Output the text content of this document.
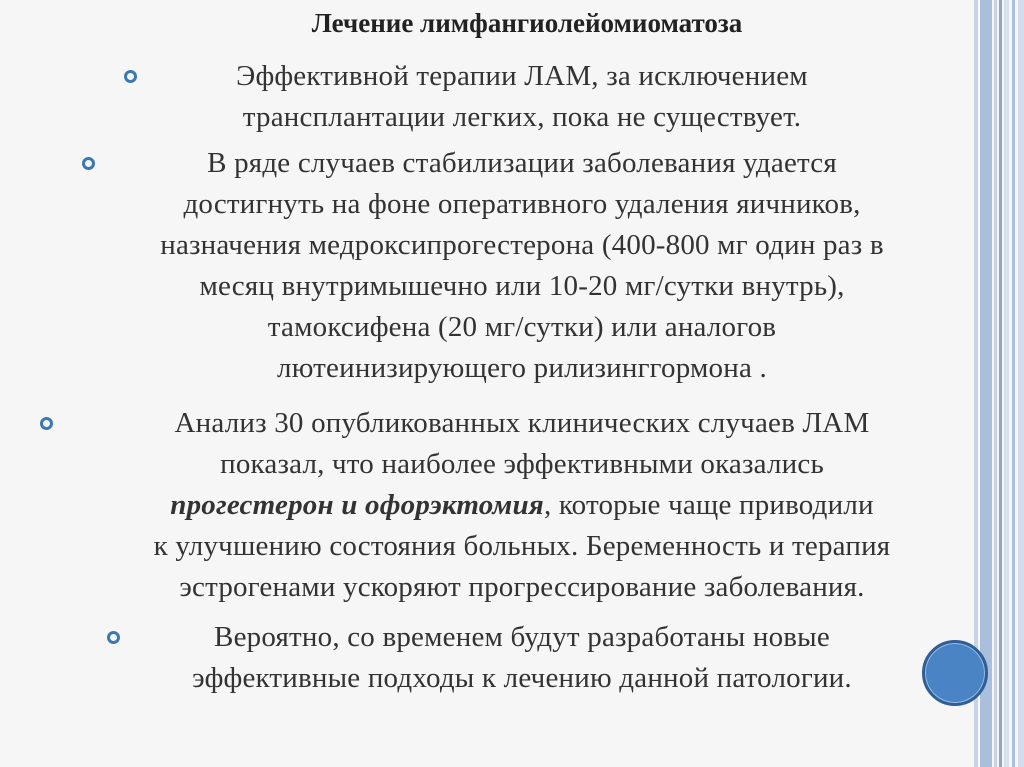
Лечение лимфангиолейомиоматоза
Эффективной терапии ЛАМ, за исключением
трансплантации легких, пока не существует.
В ряде случаев стабилизации заболевания удается
достигнуть на фоне оперативного удаления яичников,
назначения медроксипрогестерона (400-800 мг один раз в
месяц внутримышечно или 10-20 мг/сутки внутрь),
тамоксифена (20 мг/сутки) или аналогов
лютеинизирующего рилизинггормона .
Анализ 30 опубликованных клинических случаев ЛАМ
показал, что наиболее эффективными оказались
прогестерон и офорэктомия, которые чаще приводили
к улучшению состояния больных. Беременность и терапия
эстрогенами ускоряют прогрессирование заболевания.
Вероятно, со временем будут разработаны новые
эффективные подходы к лечению данной патологии.
